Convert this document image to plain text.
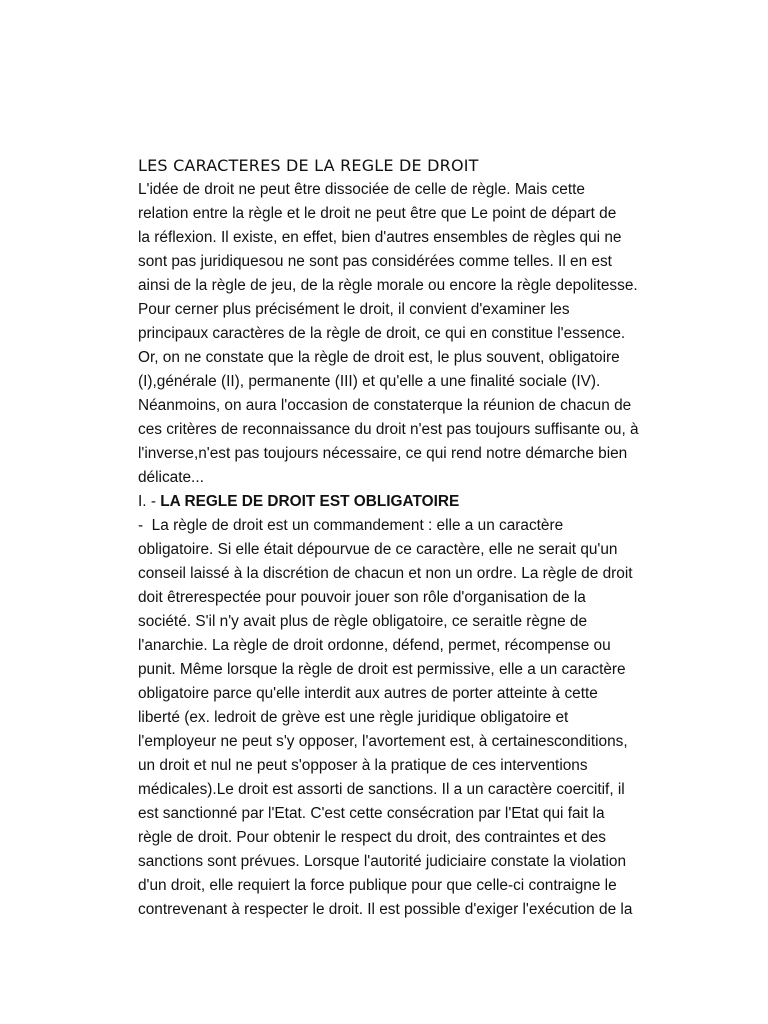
LES CARACTERES DE LA REGLE DE DROIT
L'idée de droit ne peut être dissociée de celle de règle. Mais cette
relation entre la règle et le droit ne peut être que Le point de départ de
la réflexion. Il existe, en effet, bien d'autres ensembles de règles qui ne
sont pas juridiquesou ne sont pas considérées comme telles. Il en est
ainsi de la règle de jeu, de la règle morale ou encore la règle depolitesse.
Pour cerner plus précisément le droit, il convient d'examiner les
principaux caractères de la règle de droit, ce qui en constitue l'essence.
Or, on ne constate que la règle de droit est, le plus souvent, obligatoire
(I),générale (II), permanente (III) et qu'elle a une finalité sociale (IV).
Néanmoins, on aura l'occasion de constaterque la réunion de chacun de
ces critères de reconnaissance du droit n'est pas toujours suffisante ou, à
l'inverse,n'est pas toujours nécessaire, ce qui rend notre démarche bien
délicate...
I. - LA REGLE DE DROIT EST OBLIGATOIRE
-  La règle de droit est un commandement : elle a un caractère
obligatoire. Si elle était dépourvue de ce caractère, elle ne serait qu'un
conseil laissé à la discrétion de chacun et non un ordre. La règle de droit
doit êtrerespectée pour pouvoir jouer son rôle d'organisation de la
société. S'il n'y avait plus de règle obligatoire, ce seraitle règne de
l'anarchie. La règle de droit ordonne, défend, permet, récompense ou
punit. Même lorsque la règle de droit est permissive, elle a un caractère
obligatoire parce qu'elle interdit aux autres de porter atteinte à cette
liberté (ex. ledroit de grève est une règle juridique obligatoire et
l'employeur ne peut s'y opposer, l'avortement est, à certainesconditions,
un droit et nul ne peut s'opposer à la pratique de ces interventions
médicales).Le droit est assorti de sanctions. Il a un caractère coercitif, il
est sanctionné par l'Etat. C'est cette consécration par l'Etat qui fait la
règle de droit. Pour obtenir le respect du droit, des contraintes et des
sanctions sont prévues. Lorsque l'autorité judiciaire constate la violation
d'un droit, elle requiert la force publique pour que celle-ci contraigne le
contrevenant à respecter le droit. Il est possible d'exiger l'exécution de la
